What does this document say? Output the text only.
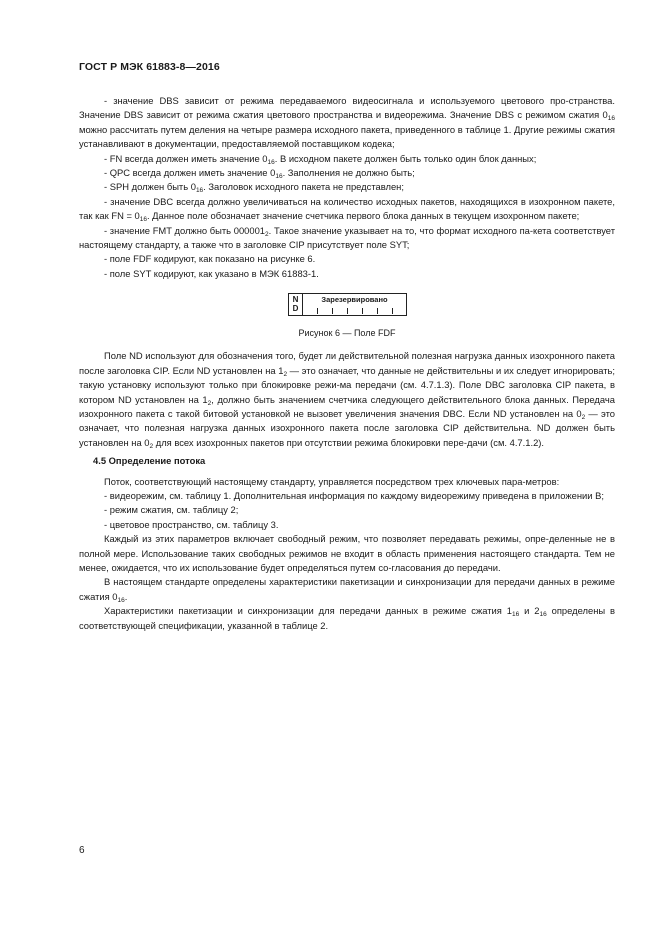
ГОСТ Р МЭК 61883-8—2016

- значение DBS зависит от режима передаваемого видеосигнала и используемого цветового про-странства. Значение DBS зависит от режима сжатия цветового пространства и видеорежима. Значение DBS с режимом сжатия $0_{16}$ можно рассчитать путем деления на четыре размера исходного пакета, приведенного в таблице 1. Другие режимы сжатия устанавливают в документации, предоставляемой поставщиком кодека;

- FN всегда должен иметь значение $0_{16}$. В исходном пакете должен быть только один блок данных;

- QPC всегда должен иметь значение $0_{16}$. Заполнения не должно быть;

- SPH должен быть $0_{16}$. Заголовок исходного пакета не представлен;

- значение DBC всегда должно увеличиваться на количество исходных пакетов, находящихся в изохронном пакете, так как FN = $0_{16}$. Данное поле обозначает значение счетчика первого блока данных в текущем изохронном пакете;

- значение FMT должно быть $000001_2$. Такое значение указывает на то, что формат исходного па-кета соответствует настоящему стандарту, а также что в заголовке CIP присутствует поле SYT;

- поле FDF кодируют, как показано на рисунке 6.

- поле SYT кодируют, как указано в МЭК 61883-1.

N
D
Зарезервировано
Рисунок 6 — Поле FDF

Поле ND используют для обозначения того, будет ли действительной полезная нагрузка данных изохронного пакета после заголовка CIP. Если ND установлен на $1_2$ — это означает, что данные не действительны и их следует игнорировать; такую установку используют только при блокировке режи-ма передачи (см. 4.7.1.3). Поле DBC заголовка CIP пакета, в котором ND установлен на $1_2$, должно быть значением счетчика следующего действительного блока данных. Передача изохронного пакета с такой битовой установкой не вызовет увеличения значения DBC. Если ND установлен на $0_2$ — это означает, что полезная нагрузка данных изохронного пакета после заголовка CIP действительна. ND должен быть установлен на $0_2$ для всех изохронных пакетов при отсутствии режима блокировки пере-дачи (см. 4.7.1.2).

4.5 Определение потока

Поток, соответствующий настоящему стандарту, управляется посредством трех ключевых пара-метров:

- видеорежим, см. таблицу 1. Дополнительная информация по каждому видеорежиму приведена в приложении В;

- режим сжатия, см. таблицу 2;

- цветовое пространство, см. таблицу 3.

Каждый из этих параметров включает свободный режим, что позволяет передавать режимы, опре-деленные не в полной мере. Использование таких свободных режимов не входит в область применения настоящего стандарта. Тем не менее, ожидается, что их использование будет определяться путем со-гласования до передачи.

В настоящем стандарте определены характеристики пакетизации и синхронизации для передачи данных в режиме сжатия $0_{16}$.

Характеристики пакетизации и синхронизации для передачи данных в режиме сжатия $1_{16}$ и $2_{16}$ определены в соответствующей спецификации, указанной в таблице 2.

6
